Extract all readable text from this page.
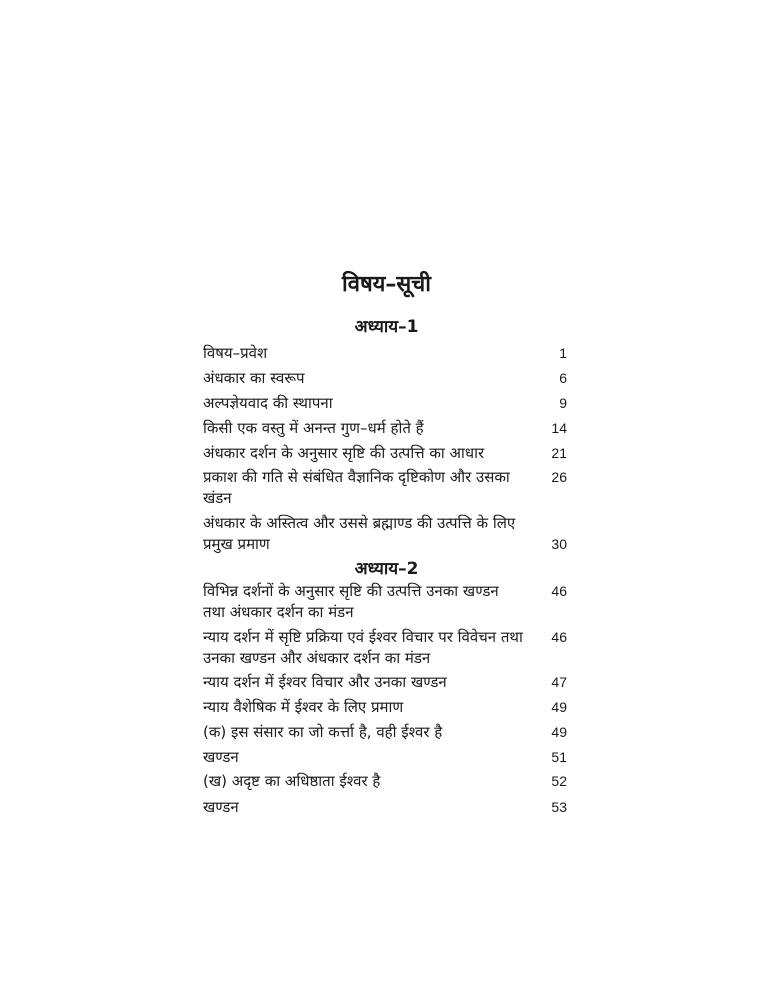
विषय–सूची
अध्याय–1
1
विषय–प्रवेश
6
अंधकार का स्वरूप
9
अल्पज्ञेयवाद की स्थापना
14
किसी एक वस्तु में अनन्त गुण–धर्म होते हैं
21
अंधकार दर्शन के अनुसार सृष्टि की उत्पत्ति का आधार
26
प्रकाश की गति से संबंधित वैज्ञानिक दृष्टिकोण और उसका खंडन
30
अंधकार के अस्तित्व और उससे ब्रह्माण्ड की उत्पत्ति के लिए प्रमुख प्रमाण
अध्याय–2
46
विभिन्न दर्शनों के अनुसार सृष्टि की उत्पत्ति उनका खण्डन तथा अंधकार दर्शन का मंडन
46
न्याय दर्शन में सृष्टि प्रक्रिया एवं ईश्वर विचार पर विवेचन तथा उनका खण्डन और अंधकार दर्शन का मंडन
47
न्याय दर्शन में ईश्वर विचार और उनका खण्डन
49
न्याय वैशेषिक में ईश्वर के लिए प्रमाण
49
(क) इस संसार का जो कर्त्ता है, वही ईश्वर है
51
खण्डन
52
(ख) अदृष्ट का अधिष्ठाता ईश्वर है
53
खण्डन
